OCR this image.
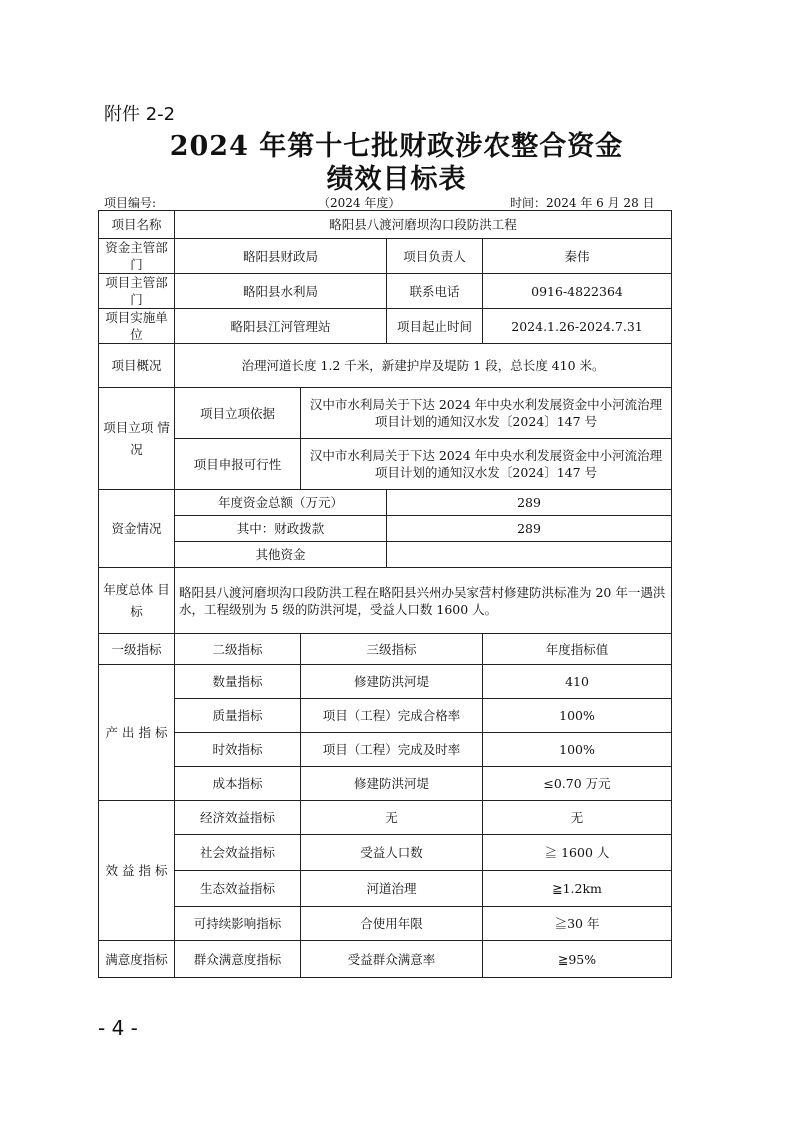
附件 2-2
2024 年第十七批财政涉农整合资金
绩效目标表
项目编号:	（2024 年度）	时间：2024 年 6 月 28 日
项目名称	略阳县八渡河磨坝沟口段防洪工程			
资金主管部门	略阳县财政局		项目负责人	秦伟
项目主管部门	略阳县水利局		联系电话	0916-4822364
项目实施单位	略阳县江河管理站		项目起止时间	2024.1.26-2024.7.31
项目概况	治理河道长度 1.2 千米，新建护岸及堤防 1 段，总长度 410 米。			
项目立项 情　况	项目立项依据	汉中市水利局关于下达 2024 年中央水利发展资金中小河流治理项目计划的通知汉水发〔2024〕147 号		
	项目申报可行性	汉中市水利局关于下达 2024 年中央水利发展资金中小河流治理项目计划的通知汉水发〔2024〕147 号		
资金情况	年度资金总额（万元）		289	
	其中：财政拨款		289	
	其他资金			
年度总体 目　标	略阳县八渡河磨坝沟口段防洪工程在略阳县兴州办吴家营村修建防洪标准为 20 年一遇洪水，工程级别为 5 级的防洪河堤，受益人口数 1600 人。			
一级指标	二级指标	三级指标		年度指标值
产 出 指 标	数量指标	修建防洪河堤		410
	质量指标	项目（工程）完成合格率		100%
	时效指标	项目（工程）完成及时率		100%
	成本指标	修建防洪河堤		≤0.70 万元
效 益 指 标	经济效益指标	无		无
	社会效益指标	受益人口数		≧ 1600 人
	生态效益指标	河道治理		≧1.2km
	可持续影响指标	合使用年限		≧30 年
满意度指标	群众满意度指标	受益群众满意率		≧95%
- 4 -
